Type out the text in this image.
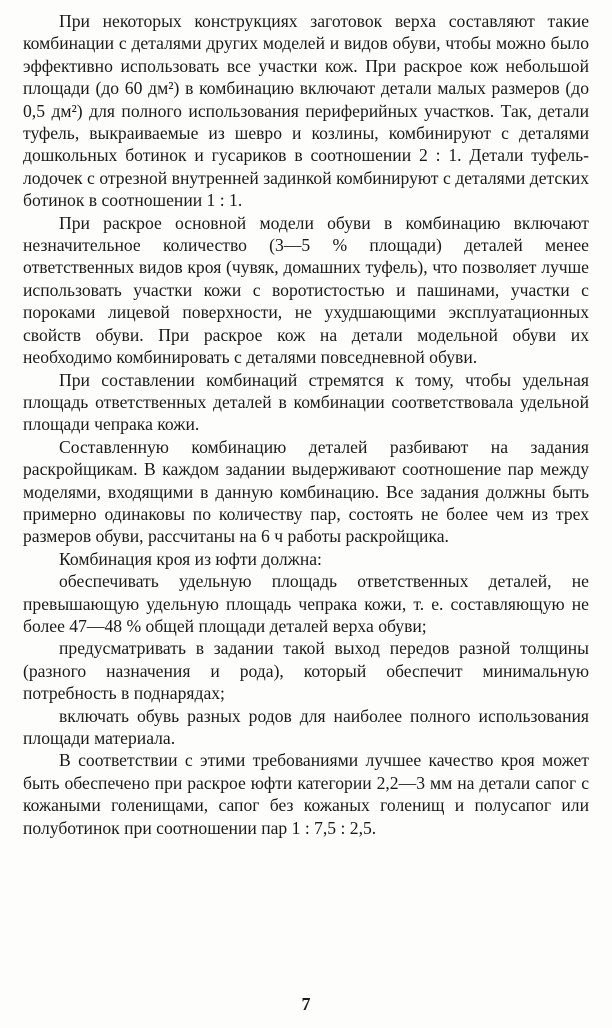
При некоторых конструкциях заготовок верха составляют такие комбинации с деталями других моделей и видов обуви, чтобы можно было эффективно использовать все участки кож. При раскрое кож небольшой площади (до 60 дм²) в комбинацию включают детали малых размеров (до 0,5 дм²) для полного использования периферийных участков. Так, детали туфель, выкраиваемые из шевро и козлины, комбинируют с деталями дошкольных ботинок и гусариков в соотношении 2 : 1. Детали туфель-лодочек с отрезной внутренней задинкой комбинируют с деталями детских ботинок в соотношении 1 : 1.

При раскрое основной модели обуви в комбинацию включают незначительное количество (3—5 % площади) деталей менее ответственных видов кроя (чувяк, домашних туфель), что позволяет лучше использовать участки кожи с воротистостью и пашинами, участки с пороками лицевой поверхности, не ухудшающими эксплуатационных свойств обуви. При раскрое кож на детали модельной обуви их необходимо комбинировать с деталями повседневной обуви.

При составлении комбинаций стремятся к тому, чтобы удельная площадь ответственных деталей в комбинации соответствовала удельной площади чепрака кожи.

Составленную комбинацию деталей разбивают на задания раскройщикам. В каждом задании выдерживают соотношение пар между моделями, входящими в данную комбинацию. Все задания должны быть примерно одинаковы по количеству пар, состоять не более чем из трех размеров обуви, рассчитаны на 6 ч работы раскройщика.

Комбинация кроя из юфти должна:

обеспечивать удельную площадь ответственных деталей, не превышающую удельную площадь чепрака кожи, т. е. составляющую не более 47—48 % общей площади деталей верха обуви;

предусматривать в задании такой выход передов разной толщины (разного назначения и рода), который обеспечит минимальную потребность в поднарядах;

включать обувь разных родов для наиболее полного использования площади материала.

В соответствии с этими требованиями лучшее качество кроя может быть обеспечено при раскрое юфти категории 2,2—3 мм на детали сапог с кожаными голенищами, сапог без кожаных голенищ и полусапог или полуботинок при соотношении пар 1 : 7,5 : 2,5.

7
